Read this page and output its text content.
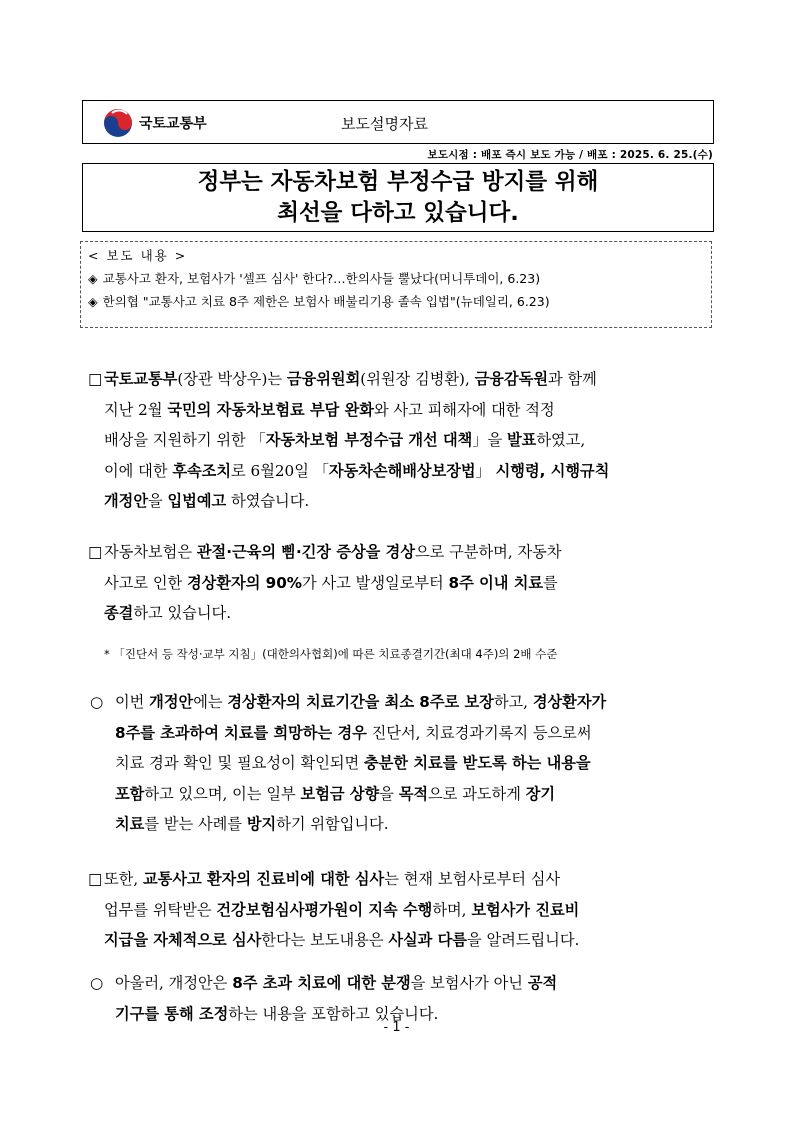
국토교통부	보도설명자료
보도시점 : 배포 즉시 보도 가능 / 배포 : 2025. 6. 25.(수)
정부는 자동차보험 부정수급 방지를 위해
최선을 다하고 있습니다.
< 보도 내용 >
◈ 교통사고 환자, 보험사가 '셀프 심사' 한다?…한의사들 뿔났다(머니투데이, 6.23)
◈ 한의협 "교통사고 치료 8주 제한은 보험사 배불리기용 졸속 입법"(뉴데일리, 6.23)
□ 국토교통부(장관 박상우)는 금융위원회(위원장 김병환), 금융감독원과 함께
지난 2월 국민의 자동차보험료 부담 완화와 사고 피해자에 대한 적정
배상을 지원하기 위한 「자동차보험 부정수급 개선 대책」을 발표하였고,
이에 대한 후속조치로 6월20일 「자동차손해배상보장법」 시행령, 시행규칙
개정안을 입법예고 하였습니다.
□ 자동차보험은 관절·근육의 삠·긴장 증상을 경상으로 구분하며, 자동차
사고로 인한 경상환자의 90%가 사고 발생일로부터 8주 이내 치료를
종결하고 있습니다.
* 「진단서 등 작성·교부 지침」(대한의사협회)에 따른 치료종결기간(최대 4주)의 2배 수준
○ 이번 개정안에는 경상환자의 치료기간을 최소 8주로 보장하고, 경상환자가
8주를 초과하여 치료를 희망하는 경우 진단서, 치료경과기록지 등으로써
치료 경과 확인 및 필요성이 확인되면 충분한 치료를 받도록 하는 내용을
포함하고 있으며, 이는 일부 보험금 상향을 목적으로 과도하게 장기
치료를 받는 사례를 방지하기 위함입니다.
□ 또한, 교통사고 환자의 진료비에 대한 심사는 현재 보험사로부터 심사
업무를 위탁받은 건강보험심사평가원이 지속 수행하며, 보험사가 진료비
지급을 자체적으로 심사한다는 보도내용은 사실과 다름을 알려드립니다.
○ 아울러, 개정안은 8주 초과 치료에 대한 분쟁을 보험사가 아닌 공적
기구를 통해 조정하는 내용을 포함하고 있습니다.
- 1 -
